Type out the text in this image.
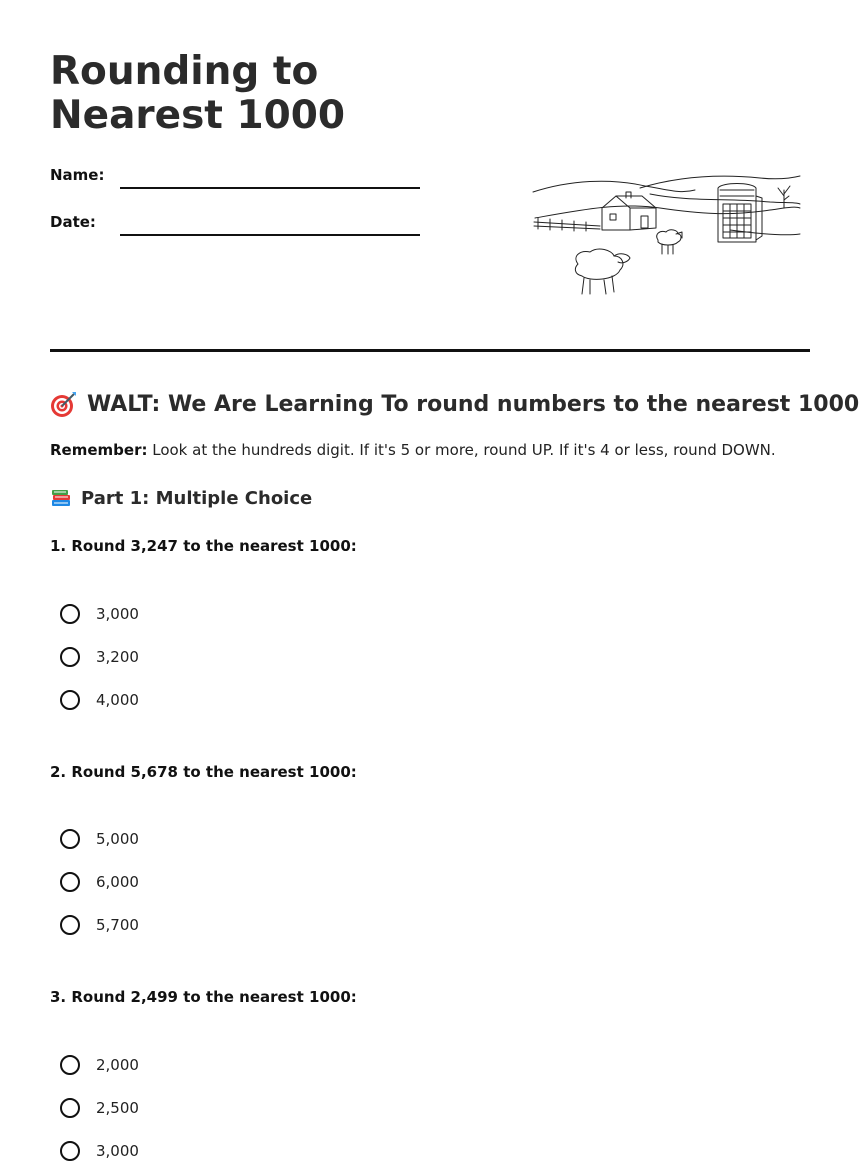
Rounding to Nearest 1000
Name:
Date:
WALT: We Are Learning To round numbers to the nearest 1000
Remember: Look at the hundreds digit. If it's 5 or more, round UP. If it's 4 or less, round DOWN.
Part 1: Multiple Choice

1. Round 3,247 to the nearest 1000:

3,000
3,200
4,000

2. Round 5,678 to the nearest 1000:

5,000
6,000
5,700

3. Round 2,499 to the nearest 1000:

2,000
2,500
3,000
